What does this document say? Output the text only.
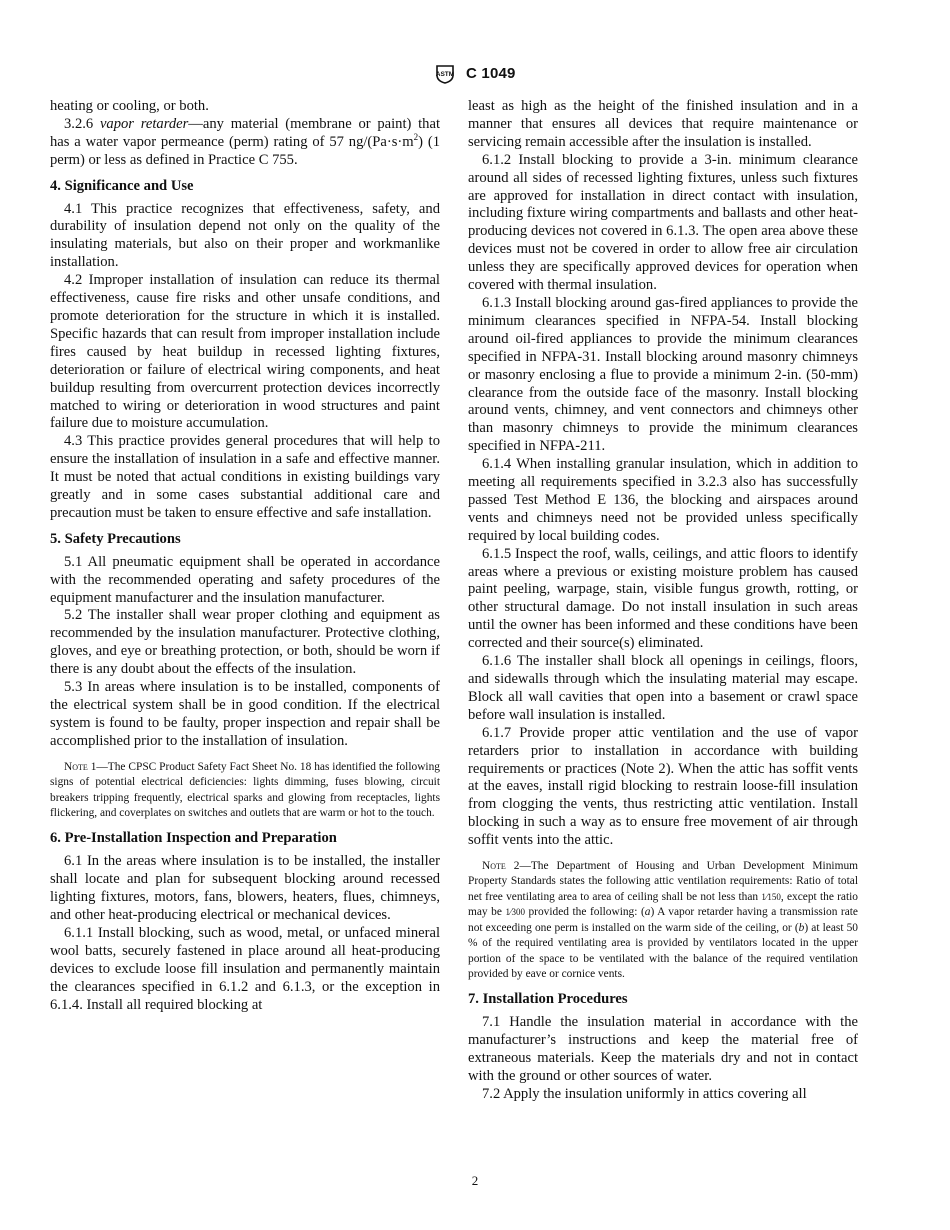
ASTM C 1049

heating or cooling, or both.

3.2.6 vapor retarder—any material (membrane or paint) that has a water vapor permeance (perm) rating of 57 $ng/(Pa\cdot s\cdot m^2)$ (1 perm) or less as defined in Practice C 755.

4. Significance and Use

4.1 This practice recognizes that effectiveness, safety, and durability of insulation depend not only on the quality of the insulating materials, but also on their proper and workmanlike installation.

4.2 Improper installation of insulation can reduce its thermal effectiveness, cause fire risks and other unsafe conditions, and promote deterioration for the structure in which it is installed. Specific hazards that can result from improper installation include fires caused by heat buildup in recessed lighting fixtures, deterioration or failure of electrical wiring components, and heat buildup resulting from overcurrent protection devices incorrectly matched to wiring or deterioration in wood structures and paint failure due to moisture accumulation.

4.3 This practice provides general procedures that will help to ensure the installation of insulation in a safe and effective manner. It must be noted that actual conditions in existing buildings vary greatly and in some cases substantial additional care and precaution must be taken to ensure effective and safe installation.

5. Safety Precautions

5.1 All pneumatic equipment shall be operated in accordance with the recommended operating and safety procedures of the equipment manufacturer and the insulation manufacturer.

5.2 The installer shall wear proper clothing and equipment as recommended by the insulation manufacturer. Protective clothing, gloves, and eye or breathing protection, or both, should be worn if there is any doubt about the effects of the insulation.

5.3 In areas where insulation is to be installed, components of the electrical system shall be in good condition. If the electrical system is found to be faulty, proper inspection and repair shall be accomplished prior to the installation of insulation.

Note 1—The CPSC Product Safety Fact Sheet No. 18 has identified the following signs of potential electrical deficiencies: lights dimming, fuses blowing, circuit breakers tripping frequently, electrical sparks and glowing from receptacles, lights flickering, and coverplates on switches and outlets that are warm or hot to the touch.
6. Pre-Installation Inspection and Preparation

6.1 In the areas where insulation is to be installed, the installer shall locate and plan for subsequent blocking around recessed lighting fixtures, motors, fans, blowers, heaters, flues, chimneys, and other heat-producing electrical or mechanical devices.

6.1.1 Install blocking, such as wood, metal, or unfaced mineral wool batts, securely fastened in place around all heat-producing devices to exclude loose fill insulation and permanently maintain the clearances specified in 6.1.2 and 6.1.3, or the exception in 6.1.4. Install all required blocking at

least as high as the height of the finished insulation and in a manner that ensures all devices that require maintenance or servicing remain accessible after the insulation is installed.

6.1.2 Install blocking to provide a 3-in. minimum clearance around all sides of recessed lighting fixtures, unless such fixtures are approved for installation in direct contact with insulation, including fixture wiring compartments and ballasts and other heat-producing devices not covered in 6.1.3. The open area above these devices must not be covered in order to allow free air circulation unless they are specifically approved devices for operation when covered with thermal insulation.

6.1.3 Install blocking around gas-fired appliances to provide the minimum clearances specified in NFPA-54. Install blocking around oil-fired appliances to provide the minimum clearances specified in NFPA-31. Install blocking around masonry chimneys or masonry enclosing a flue to provide a minimum 2-in. (50-mm) clearance from the outside face of the masonry. Install blocking around vents, chimney, and vent connectors and chimneys other than masonry chimneys to provide the minimum clearances specified in NFPA-211.

6.1.4 When installing granular insulation, which in addition to meeting all requirements specified in 3.2.3 also has successfully passed Test Method E 136, the blocking and airspaces around vents and chimneys need not be provided unless specifically required by local building codes.

6.1.5 Inspect the roof, walls, ceilings, and attic floors to identify areas where a previous or existing moisture problem has caused paint peeling, warpage, stain, visible fungus growth, rotting, or other structural damage. Do not install insulation in such areas until the owner has been informed and these conditions have been corrected and their source(s) eliminated.

6.1.6 The installer shall block all openings in ceilings, floors, and sidewalls through which the insulating material may escape. Block all wall cavities that open into a basement or crawl space before wall insulation is installed.

6.1.7 Provide proper attic ventilation and the use of vapor retarders prior to installation in accordance with building requirements or practices (Note 2). When the attic has soffit vents at the eaves, install rigid blocking to restrain loose-fill insulation from clogging the vents, thus restricting attic ventilation. Install blocking in such a way as to ensure free movement of air through soffit vents into the attic.

Note 2—The Department of Housing and Urban Development Minimum Property Standards states the following attic ventilation requirements: Ratio of total net free ventilating area to area of ceiling shall be not less than 1⁄150, except the ratio may be 1⁄300 provided the following: (a) A vapor retarder having a transmission rate not exceeding one perm is installed on the warm side of the ceiling, or (b) at least 50 % of the required ventilating area is provided by ventilators located in the upper portion of the space to be ventilated with the balance of the required ventilation provided by eave or cornice vents.
7. Installation Procedures

7.1 Handle the insulation material in accordance with the manufacturer’s instructions and keep the material free of extraneous materials. Keep the materials dry and not in contact with the ground or other sources of water.

7.2 Apply the insulation uniformly in attics covering all

2
